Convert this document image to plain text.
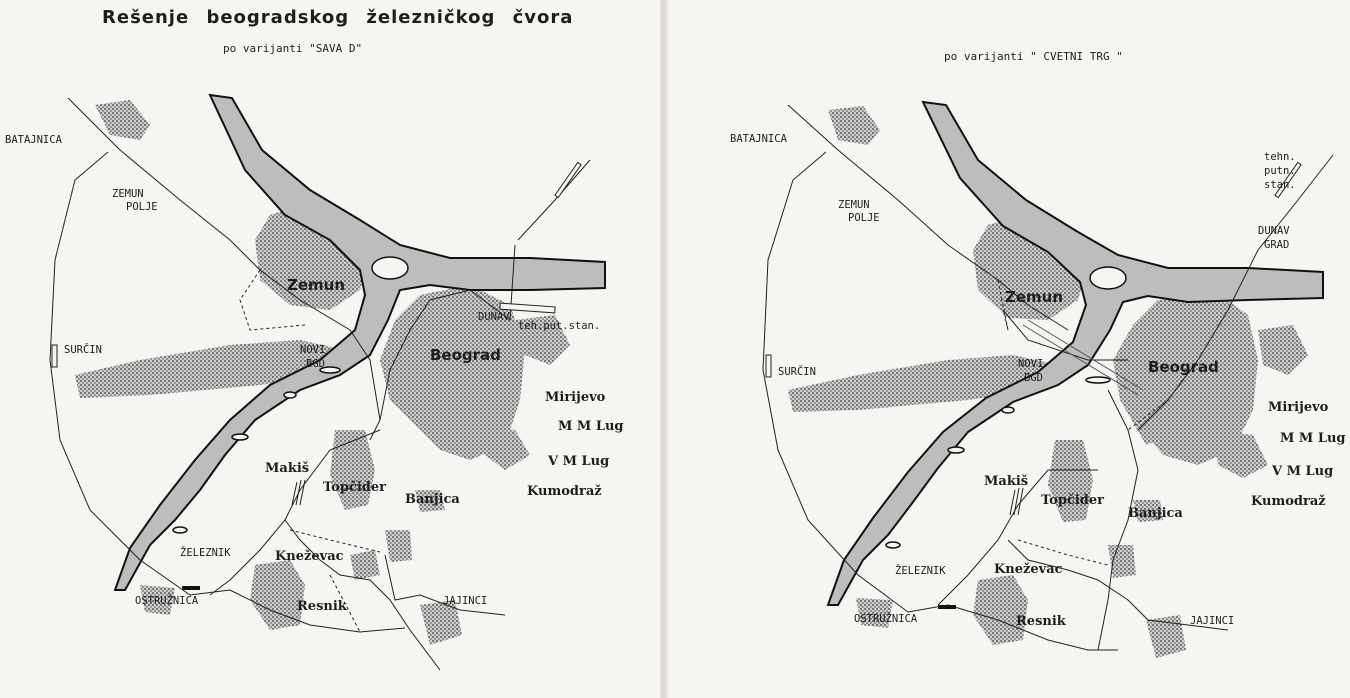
Rešenje beogradskog železničkog čvora
po varijanti "SAVA D"
BATAJNICA
ZEMUN
POLJE
Zemun
SURČIN	NOVI
BGD	Beograd
DUNAV
teh.put.stan.
Mirijevo
M M Lug
V M Lug
Kumodraž
Makiš
Topčider
Banjica
ŽELEZNIK	Kneževac
OSTRUŽNICA	Resnik	JAJINCI
po varijanti " CVETNI TRG "
BATAJNICA
tehn.
putn.
stan.
DUNAV
GRAD
ZEMUN
POLJE
Zemun
SURČIN
NOVI
BGD
Beograd
Mirijevo
M M Lug
V M Lug
Kumodraž
Makiš
Topčider
Banjica
ŽELEZNIK	Kneževac
OSTRUŽNICA	Resnik	JAJINCI
